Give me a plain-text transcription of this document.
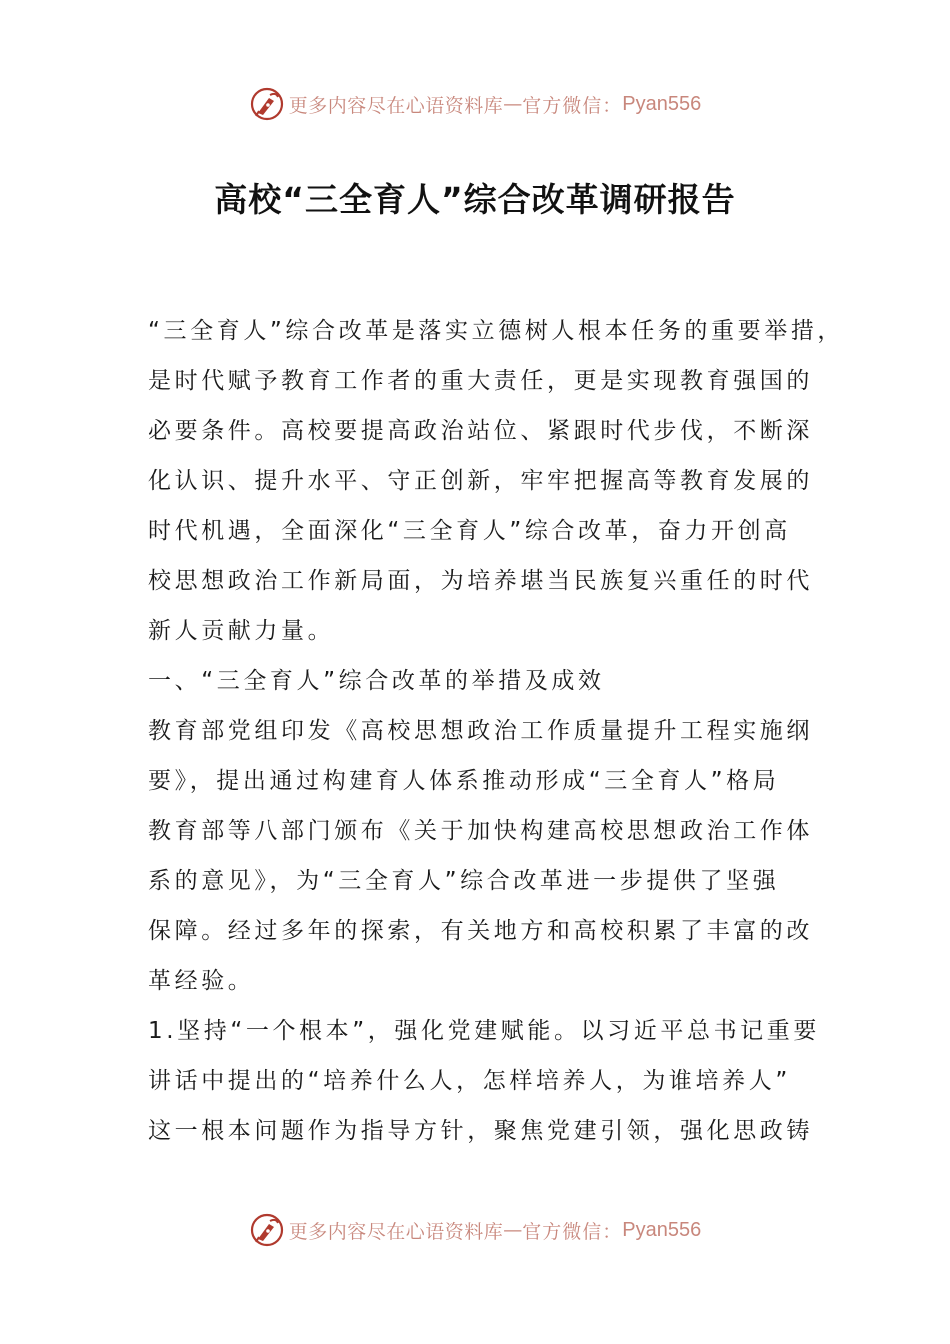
更多内容尽在心语资料库 — 官方微信： Pyan556
高校“三全育人”综合改革调研报告
“三全育人”综合改革是落实立德树人根本任务的重要举措，
是时代赋予教育工作者的重大责任，更是实现教育强国的
必要条件。高校要提高政治站位、紧跟时代步伐，不断深
化认识、提升水平、守正创新，牢牢把握高等教育发展的
时代机遇，全面深化“三全育人”综合改革，奋力开创高
校思想政治工作新局面，为培养堪当民族复兴重任的时代
新人贡献力量。
一、“三全育人”综合改革的举措及成效
教育部党组印发《高校思想政治工作质量提升工程实施纲
要》，提出通过构建育人体系推动形成“三全育人”格局
教育部等八部门颁布《关于加快构建高校思想政治工作体
系的意见》，为“三全育人”综合改革进一步提供了坚强
保障。经过多年的探索，有关地方和高校积累了丰富的改
革经验。
1.坚持“一个根本”，强化党建赋能。以习近平总书记重要
讲话中提出的“培养什么人，怎样培养人，为谁培养人”
这一根本问题作为指导方针，聚焦党建引领，强化思政铸
更多内容尽在心语资料库 — 官方微信： Pyan556
